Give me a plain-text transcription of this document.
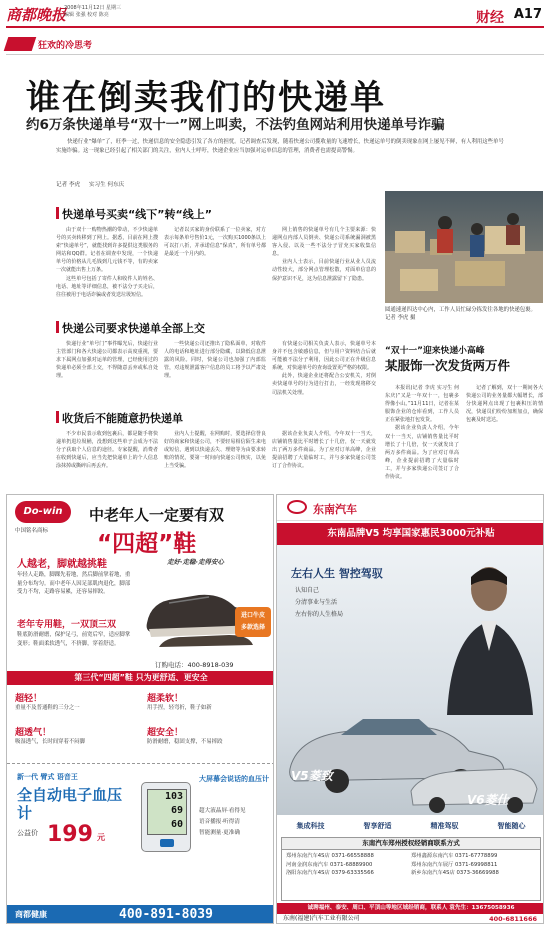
商都晚报
2008年11月12日 星期三
编辑 张强 校对 陈亮	财经 A17
狂欢的冷思考
谁在倒卖我们的快递单
约6万条快递单号“双十一”网上叫卖，不法钓鱼网站利用快递单号诈骗
快递行业“爆单”了，旺季一过，快递信息的安全隐患引发了各方的担忧。记者调查后发现，随着快递公司揽收量的飞速增长，快递运单号的倒卖现象在网上屡见不鲜，有人利用这些单号实施诈骗。这一现象已经引起了相关部门的关注，业内人士呼吁，快递企业应当加强对运单信息的管理，消费者也需提高警惕。
记者 李虎 实习生 何东庆
快递单号买卖“线下”转“线上”

由于双十一购物热潮的带动，不少快递单号的买卖转移到了网上。据悉，目前在网上搜索“快递单号”，就能找到许多提供这类服务的网站和QQ群。记者在调查中发现，一个快递单号的价格从几毛钱到几元钱不等，有的卖家一次就能出售上万条。

这些单号包括了寄件人和收件人的姓名、电话、地址等详细信息，被不法分子买走后，往往被用于电话诈骗或者发送垃圾短信。

记者以买家的身份联系了一位卖家，对方表示每条单号售价1元，一次购买1000条以上可以打八折，并承诺信息“保真”，所有单号都是最近一个月内的。

网上销售的快递单号有几个主要来源：快递网点内部人员倒卖、快递公司系统漏洞被黑客入侵、以及一些不法分子冒充买家收集信息。

业内人士表示，目前快递行业从业人员流动性较大，部分网点管理松散，对面单信息的保护意识不足，这为信息泄露留下了隐患。

圆通速递四达中心内，工作人员忙碌分拣发往各地的快递包裹。 记者 李虎 摄
“双十一”迎来快递小高峰
某服饰一次发货两万件

本报讯(记者 李虎 实习生 何东庆)“又是一年双十一，包裹多得像小山。”11月11日，记者在某服饰企业的仓库看到，工作人员正在紧张地打包发货。

据该企业负责人介绍，今年双十一当天，店铺销售量比平时增长了十几倍，仅一天就发出了两万多件商品。为了应对订单高峰，企业提前招聘了大量临时工，并与多家快递公司签订了合作协议。

记者了解到，双十一期间各大快递公司的业务量都大幅增长，部分快递网点出现了包裹积压的情况，快递员们纷纷加班加点，确保包裹及时送达。

快递公司要求快递单全部上交

快递行业“单号门”事件曝光后，快递行业主管部门和各大快递公司都表示高度重视，要求下属网点加强对运单的管理，已经使用过的快递单必须全部上交，不得随意丢弃或私自处理。

一些快递公司还推出了隐私面单，对收件人的电话和地址进行部分隐藏，以降低信息泄露的风险。同时，快递公司也加强了内部监管，对违规泄露客户信息的员工将予以严肃处理。

有快递公司相关负责人表示，快递单号本身并不包含敏感信息，但与用户资料结合后就可能被不法分子利用，因此公司正在升级信息系统，对快递单号的查询设置更严格的权限。

此外，快递企业还将配合公安机关，对倒卖快递单号的行为进行打击，一经发现将移交司法机关处理。

收货后不能随意扔快递单

不少市民表示收到包裹后，都是随手将快递单扔进垃圾桶，没想到这些单子会成为不法分子获取个人信息的途径。专家提醒，消费者在收到快递后，应当先把快递单上的个人信息涂抹掉或撕碎后再丢弃。

业内人士提醒，在网购时，要选择信誉良好的商家和快递公司，不要轻易相信陌生来电或短信，遇到以快递丢失、理赔等为由要求转账的情况，要第一时间向快递公司核实，以免上当受骗。

据该企业负责人介绍，今年双十一当天，店铺销售量比平时增长了十几倍，仅一天就发出了两万多件商品。为了应对订单高峰，企业提前招聘了大量临时工，并与多家快递公司签订了合作协议。

Do-win
中国铭名商标
中老年人一定要有双
“四超”鞋
人越老，脚就越挑鞋
年轻人走路，脚踝先着地，然后脚前掌着地，重量分布均匀。而中老年人因足部肌肉退化，脚部受力不均，走路容易累，还容易摔跤。
老年专用鞋，一双顶三双
鞋底防滑耐磨，保护足弓，前宽后窄，适应脚掌变形；鞋面柔软透气，不挤脚，穿着舒适。
走好·走稳·走得安心
进口牛皮
多款选择
订购电话：400-8918-039
第三代“四超”鞋 只为更舒适、更安全
超轻！
重量不及普通鞋的三分之一
超柔软！
用手捏，轻弯折，鞋子如新
超透气！
吸湿透气，长时间穿着不闷脚
超安全！
防滑耐磨，稳固支撑，不易摔跤
新一代 臂式 语音王
全自动电子血压计
公益价 199 元
103
69
60
大屏幕会说话的血压计
超大液晶屏·看得见
语音播报·听得清
智能测量·更准确
商都健康	400-891-8039
东南汽车
东南品牌V5 均享国家惠民3000元补贴
左右人生 智控驾驭
认知自己
分清事业与生活
左右你的人生格局
V5菱致
V6菱仕
集成科技	智享舒适	精准驾驭	智能随心
东南汽车郑州授权经销商联系方式
郑州东南汽车4S店 0371-66558888	郑州鑫源东南汽车 0371-67778899
河南金润东南汽车 0371-68889900	郑州东南汽车展厅 0371-69998811
洛阳东南汽车4S店 0379-63335566	新乡东南汽车4S店 0373-36669988
诚聘福州、泰安、周口、平顶山等地区域经销商，联系人 袁先生：13675058936
东南(福建)汽车工业有限公司	400-6811666
